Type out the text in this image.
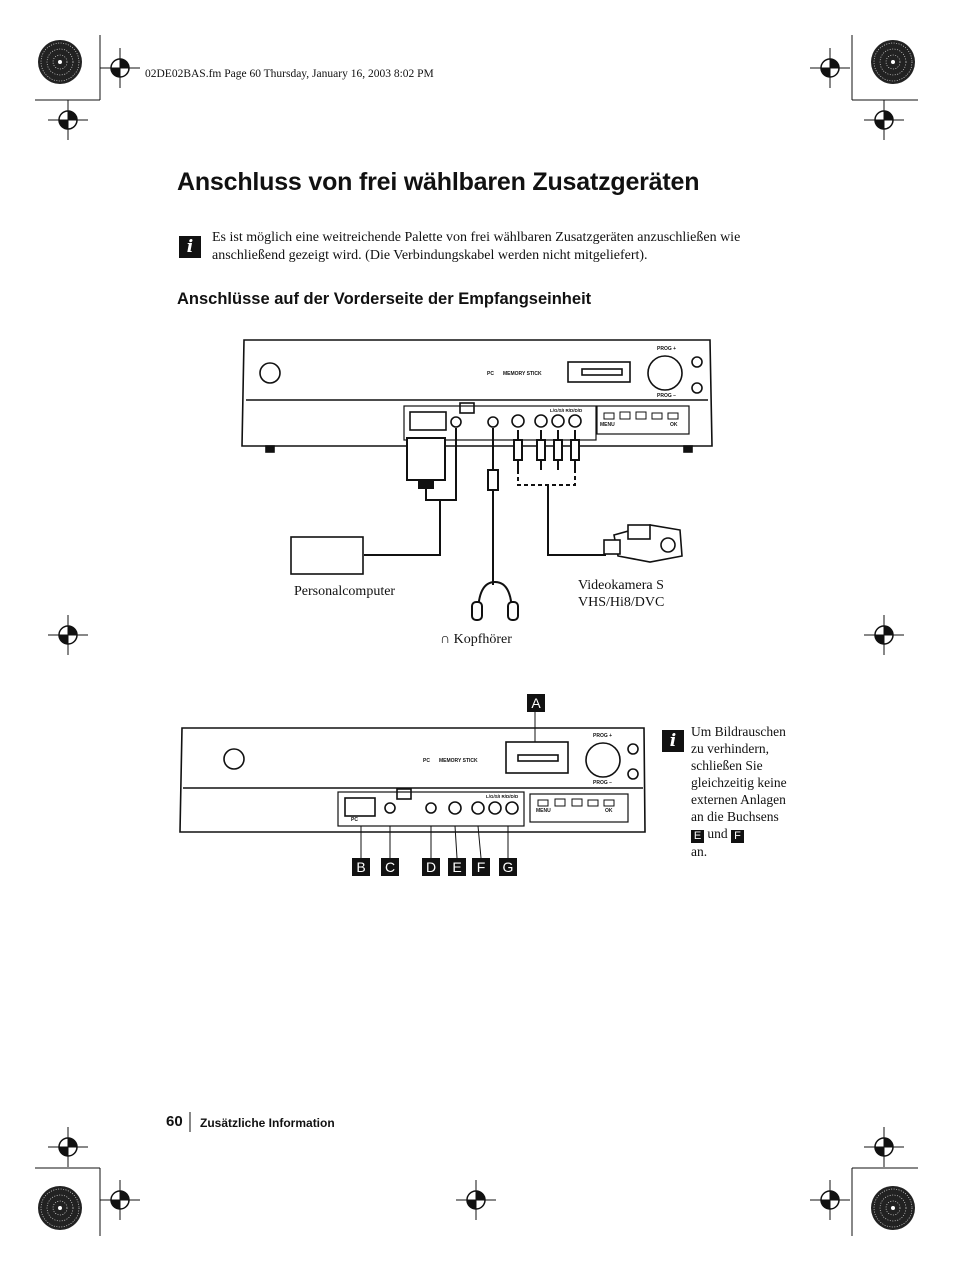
02DE02BAS.fm Page 60 Thursday, January 16, 2003 8:02 PM
Anschluss von frei wählbaren Zusatzgeräten
i	Es ist möglich eine weitreichende Palette von frei wählbaren Zusatzgeräten anzuschließen wie anschließend gezeigt wird. (Die Verbindungskabel werden nicht mitgeliefert).
Anschlüsse auf der Vorderseite der Empfangseinheit
MEMORY STICK
PC
PROG +
PROG −
MENU	OK
L/G/S/I R/D/D/D
MEMORY STICK
PC
PROG +
PROG −
MENU	OK
L/G/S/I R/D/D/D
PC
Personalcomputer	Videokamera S
VHS/Hi8/DVC
∩ Kopfhörer
A
B	C D	E	F	G
i	Um Bildrauschen zu verhindern, schließen Sie gleichzeitig keine externen Anlagen an die Buchsens E und F
an.
60 Zusätzliche Information
